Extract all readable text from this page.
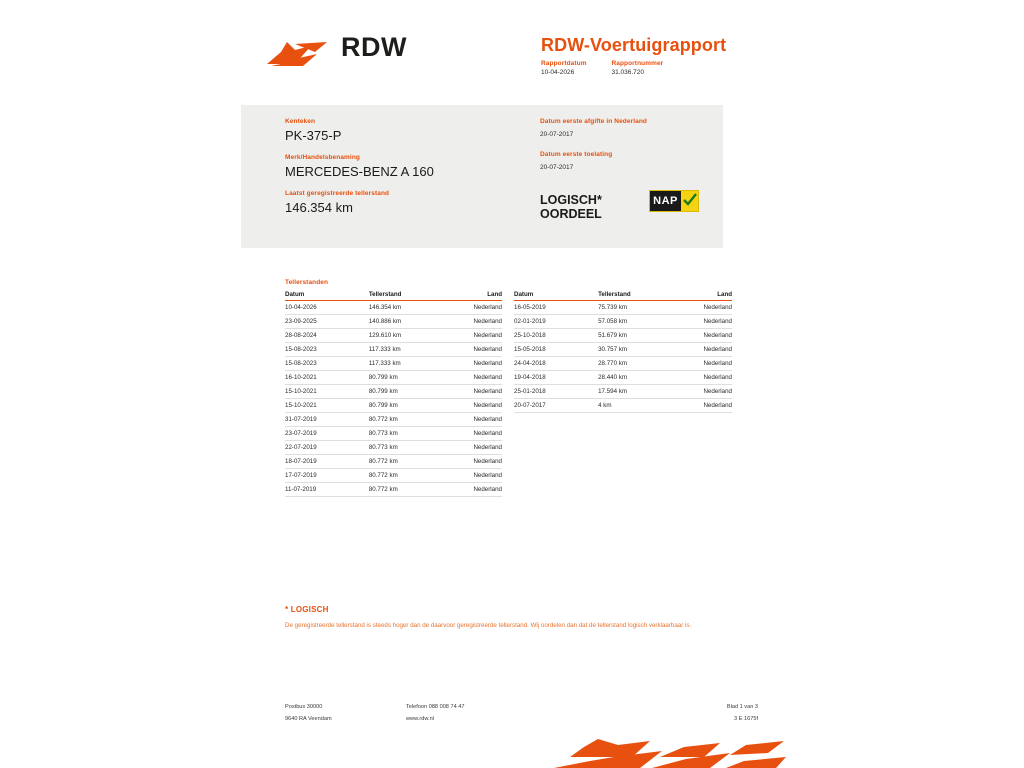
RDW	RDW-Voertuigrapport
Rapportdatum
10-04-2026

Rapportnummer
31.036.720
Kenteken
PK-375-P
Merk/Handelsbenaming
MERCEDES-BENZ A 160
Laatst geregistreerde tellerstand
146.354 km
Datum eerste afgifte in Nederland
20-07-2017
Datum eerste toelating
20-07-2017
LOGISCH* OORDEEL
NAP
Tellerstanden
Datum	Tellerstand	Land
10-04-2026	146.354 km	Nederland
23-09-2025	140.886 km	Nederland
28-08-2024	129.610 km	Nederland
15-08-2023	117.333 km	Nederland
15-08-2023	117.333 km	Nederland
16-10-2021	80.799 km	Nederland
15-10-2021	80.799 km	Nederland
15-10-2021	80.799 km	Nederland
31-07-2019	80.772 km	Nederland
23-07-2019	80.773 km	Nederland
22-07-2019	80.773 km	Nederland
18-07-2019	80.772 km	Nederland
17-07-2019	80.772 km	Nederland
11-07-2019	80.772 km	Nederland
Datum	Tellerstand	Land
16-05-2019	75.739 km	Nederland
02-01-2019	57.058 km	Nederland
25-10-2018	51.679 km	Nederland
15-05-2018	30.757 km	Nederland
24-04-2018	28.770 km	Nederland
19-04-2018	28.440 km	Nederland
25-01-2018	17.594 km	Nederland
20-07-2017	4 km	Nederland
* LOGISCH
De geregistreerde tellerstand is steeds hoger dan de daarvoor geregistreerde tellerstand. Wij oordelen dan dat de tellerstand logisch verklaarbaar is.
Postbus 30000
9640 RA Veendam
Telefoon 088 008 74 47
www.rdw.nl
Blad 1 van 3
3 E 1675f
